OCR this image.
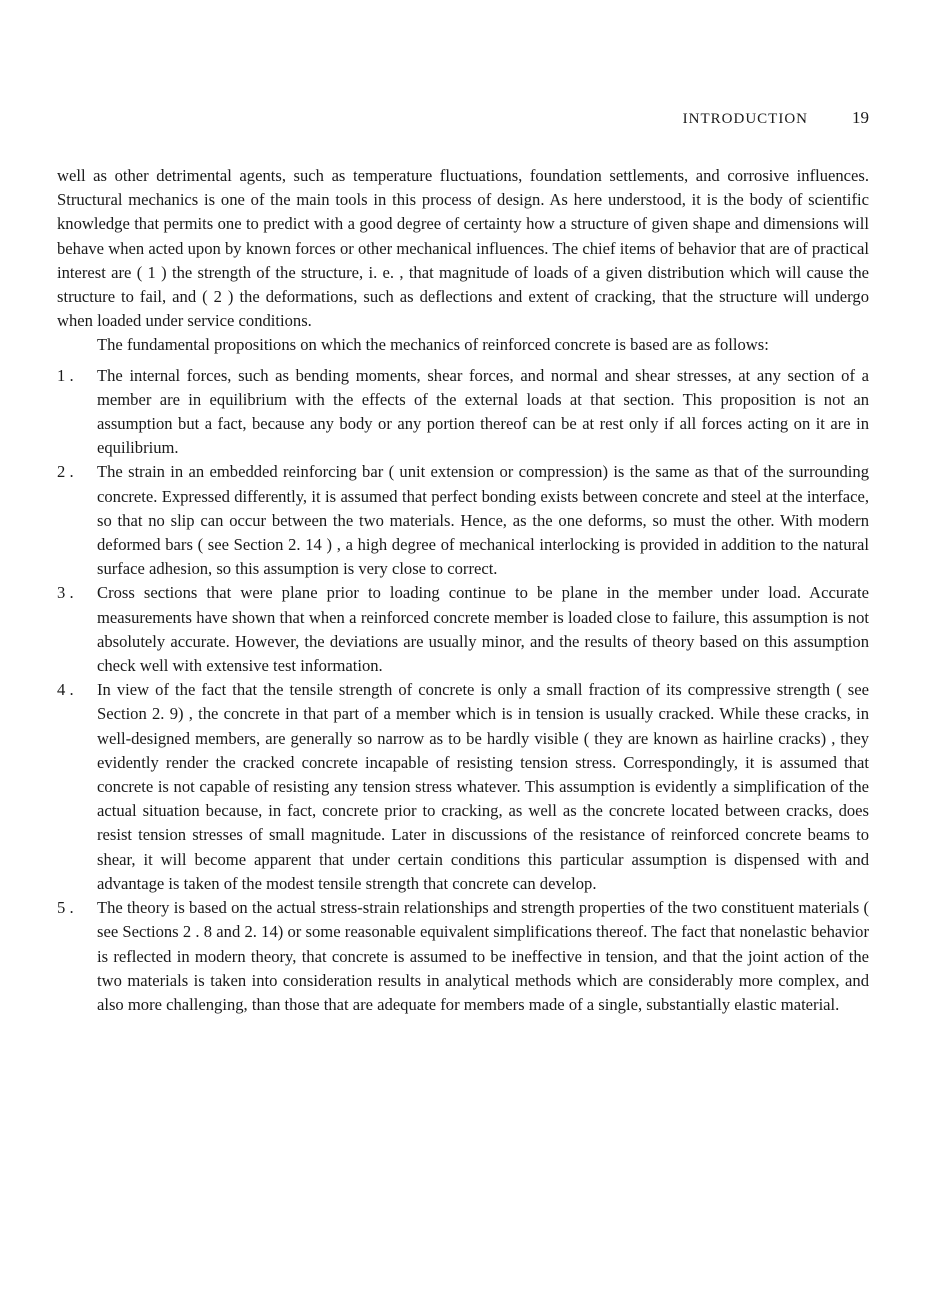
INTRODUCTION	19

well as other detrimental agents, such as temperature fluctuations, foundation settlements, and corrosive influences. Structural mechanics is one of the main tools in this process of design. As here understood, it is the body of scientific knowledge that permits one to predict with a good degree of certainty how a structure of given shape and dimensions will behave when acted upon by known forces or other mechanical influences. The chief items of behavior that are of practical interest are ( 1 ) the strength of the structure, i. e. , that magnitude of loads of a given distribution which will cause the structure to fail, and ( 2 ) the deformations, such as deflections and extent of cracking, that the structure will undergo when loaded under service conditions.

The fundamental propositions on which the mechanics of reinforced concrete is based are as follows:

1 .	The internal forces, such as bending moments, shear forces, and normal and shear stresses, at any section of a member are in equilibrium with the effects of the external loads at that section. This proposition is not an assumption but a fact, because any body or any portion thereof can be at rest only if all forces acting on it are in equilibrium.
2 .	The strain in an embedded reinforcing bar ( unit extension or compression) is the same as that of the surrounding concrete. Expressed differently, it is assumed that perfect bonding exists between concrete and steel at the interface, so that no slip can occur between the two materials. Hence, as the one deforms, so must the other. With modern deformed bars ( see Section 2. 14 ) , a high degree of mechanical interlocking is provided in addition to the natural surface adhesion, so this assumption is very close to correct.
3 .	Cross sections that were plane prior to loading continue to be plane in the member under load. Accurate measurements have shown that when a reinforced concrete member is loaded close to failure, this assumption is not absolutely accurate. However, the deviations are usually minor, and the results of theory based on this assumption check well with extensive test information.
4 .	In view of the fact that the tensile strength of concrete is only a small fraction of its compressive strength ( see Section 2. 9) , the concrete in that part of a member which is in tension is usually cracked. While these cracks, in well-designed members, are generally so narrow as to be hardly visible ( they are known as hairline cracks) , they evidently render the cracked concrete incapable of resisting tension stress. Correspondingly, it is assumed that concrete is not capable of resisting any tension stress whatever. This assumption is evidently a simplification of the actual situation because, in fact, concrete prior to cracking, as well as the concrete located between cracks, does resist tension stresses of small magnitude. Later in discussions of the resistance of reinforced concrete beams to shear, it will become apparent that under certain conditions this particular assumption is dispensed with and advantage is taken of the modest tensile strength that concrete can develop.
5 .	The theory is based on the actual stress-strain relationships and strength properties of the two constituent materials ( see Sections 2 . 8 and 2. 14) or some reasonable equivalent simplifications thereof. The fact that nonelastic behavior is reflected in modern theory, that concrete is assumed to be ineffective in tension, and that the joint action of the two materials is taken into consideration results in analytical methods which are considerably more complex, and also more challenging, than those that are adequate for members made of a single, substantially elastic material.
